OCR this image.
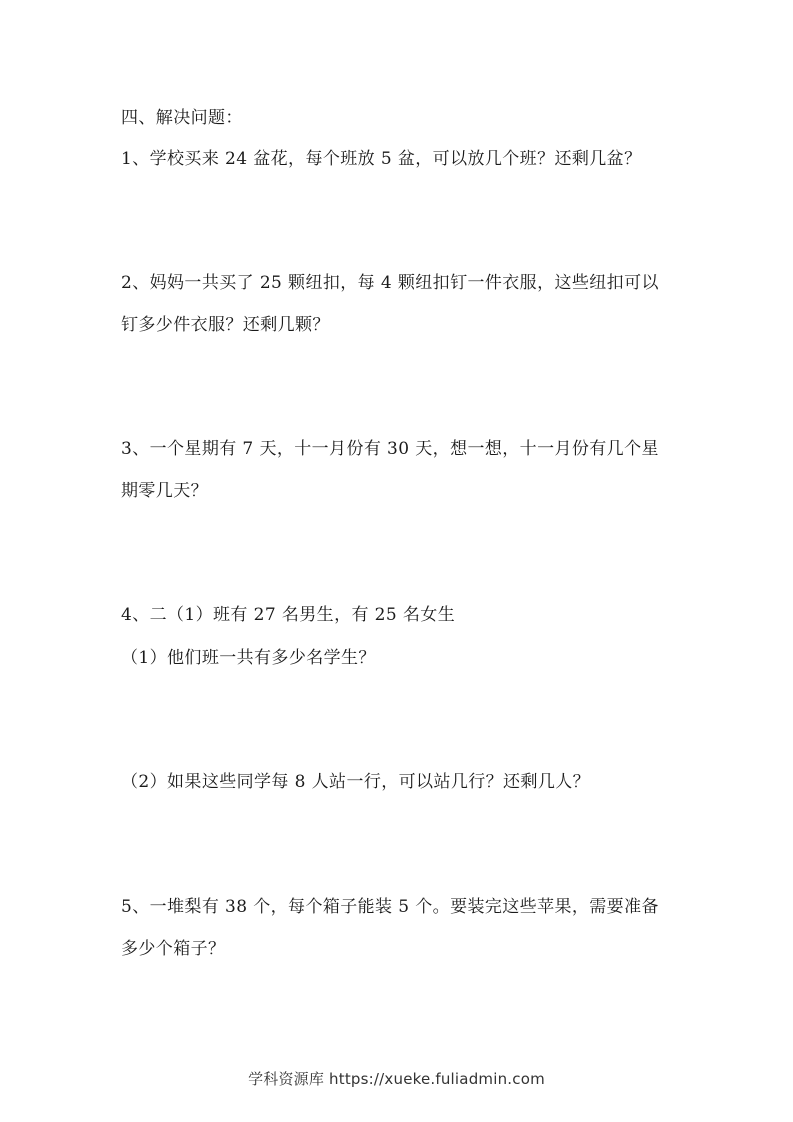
四、解决问题：
1、学校买来 24 盆花，每个班放 5 盆，可以放几个班？还剩几盆？
2、妈妈一共买了 25 颗纽扣，每 4 颗纽扣钉一件衣服，这些纽扣可以
钉多少件衣服？还剩几颗？
3、一个星期有 7 天，十一月份有 30 天，想一想，十一月份有几个星
期零几天？
4、二（1）班有 27 名男生，有 25 名女生
（1）他们班一共有多少名学生？
（2）如果这些同学每 8 人站一行，可以站几行？还剩几人？
5、一堆梨有 38 个，每个箱子能装 5 个。要装完这些苹果，需要准备
多少个箱子？
学科资源库 https://xueke.fuliadmin.com
